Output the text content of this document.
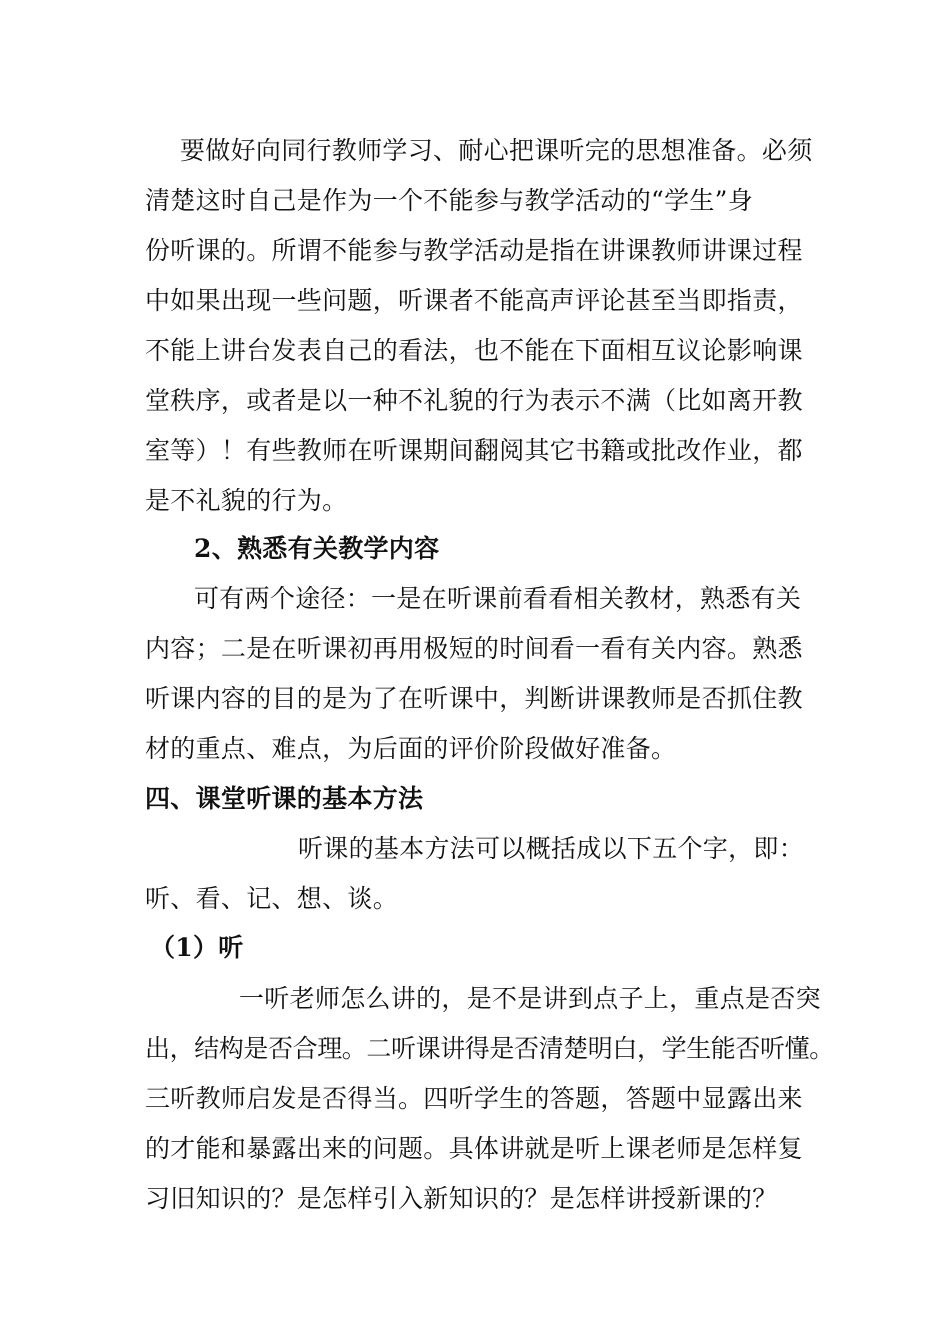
要做好向同行教师学习、耐心把课听完的思想准备。必须
清楚这时自己是作为一个不能参与教学活动的“学生”身
份听课的。所谓不能参与教学活动是指在讲课教师讲课过程
中如果出现一些问题，听课者不能高声评论甚至当即指责，
不能上讲台发表自己的看法，也不能在下面相互议论影响课
堂秩序，或者是以一种不礼貌的行为表示不满（比如离开教
室等）！有些教师在听课期间翻阅其它书籍或批改作业，都
是不礼貌的行为。
2、熟悉有关教学内容
可有两个途径：一是在听课前看看相关教材，熟悉有关
内容；二是在听课初再用极短的时间看一看有关内容。熟悉
听课内容的目的是为了在听课中，判断讲课教师是否抓住教
材的重点、难点，为后面的评价阶段做好准备。
四、课堂听课的基本方法
听课的基本方法可以概括成以下五个字，即：
听、看、记、想、谈。
（1）听
一听老师怎么讲的，是不是讲到点子上，重点是否突
出，结构是否合理。二听课讲得是否清楚明白，学生能否听懂。
三听教师启发是否得当。四听学生的答题，答题中显露出来
的才能和暴露出来的问题。具体讲就是听上课老师是怎样复
习旧知识的？是怎样引入新知识的？是怎样讲授新课的？
